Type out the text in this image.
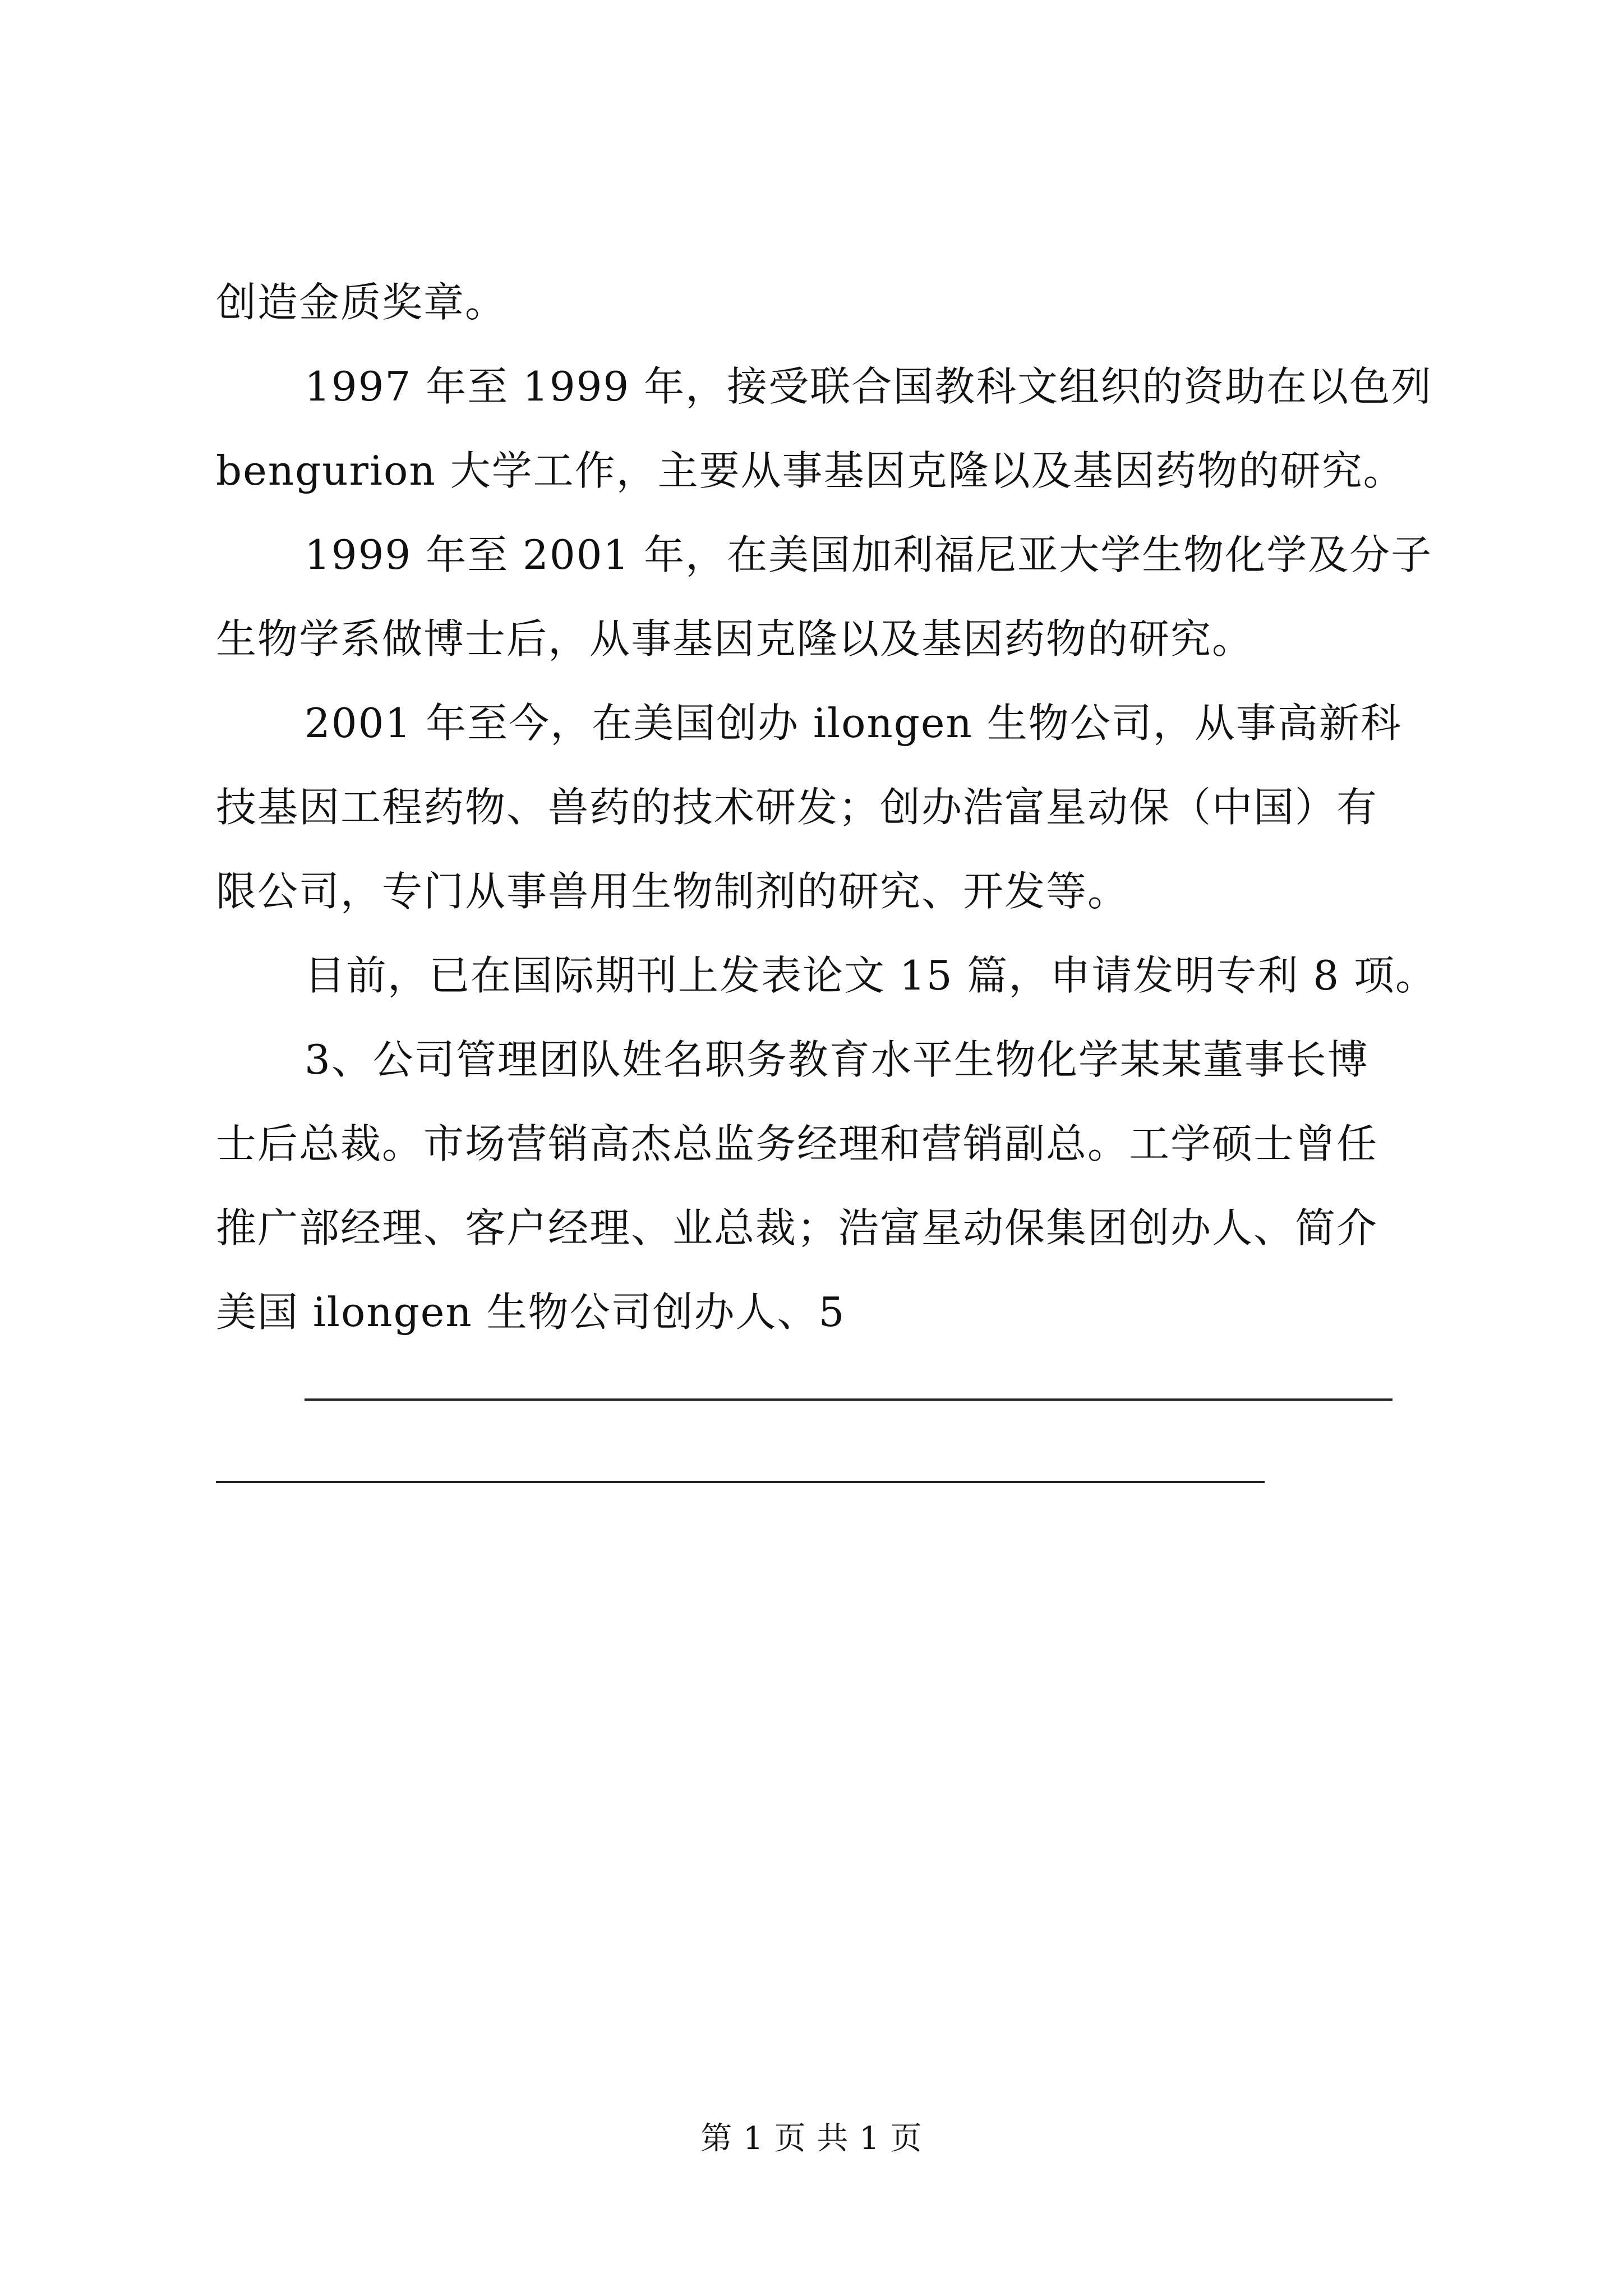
创造金质奖章。
1997 年至 1999 年，接受联合国教科文组织的资助在以色列
bengurion 大学工作，主要从事基因克隆以及基因药物的研究。
1999 年至 2001 年，在美国加利福尼亚大学生物化学及分子
生物学系做博士后，从事基因克隆以及基因药物的研究。
2001 年至今，在美国创办 ilongen 生物公司，从事高新科
技基因工程药物、兽药的技术研发；创办浩富星动保（中国）有
限公司，专门从事兽用生物制剂的研究、开发等。
目前，已在国际期刊上发表论文 15 篇，申请发明专利 8 项。
3、公司管理团队姓名职务教育水平生物化学某某董事长博
士后总裁。市场营销高杰总监务经理和营销副总。工学硕士曾任
推广部经理、客户经理、业总裁；浩富星动保集团创办人、简介
美国 ilongen 生物公司创办人、5
第 1 页 共 1 页
